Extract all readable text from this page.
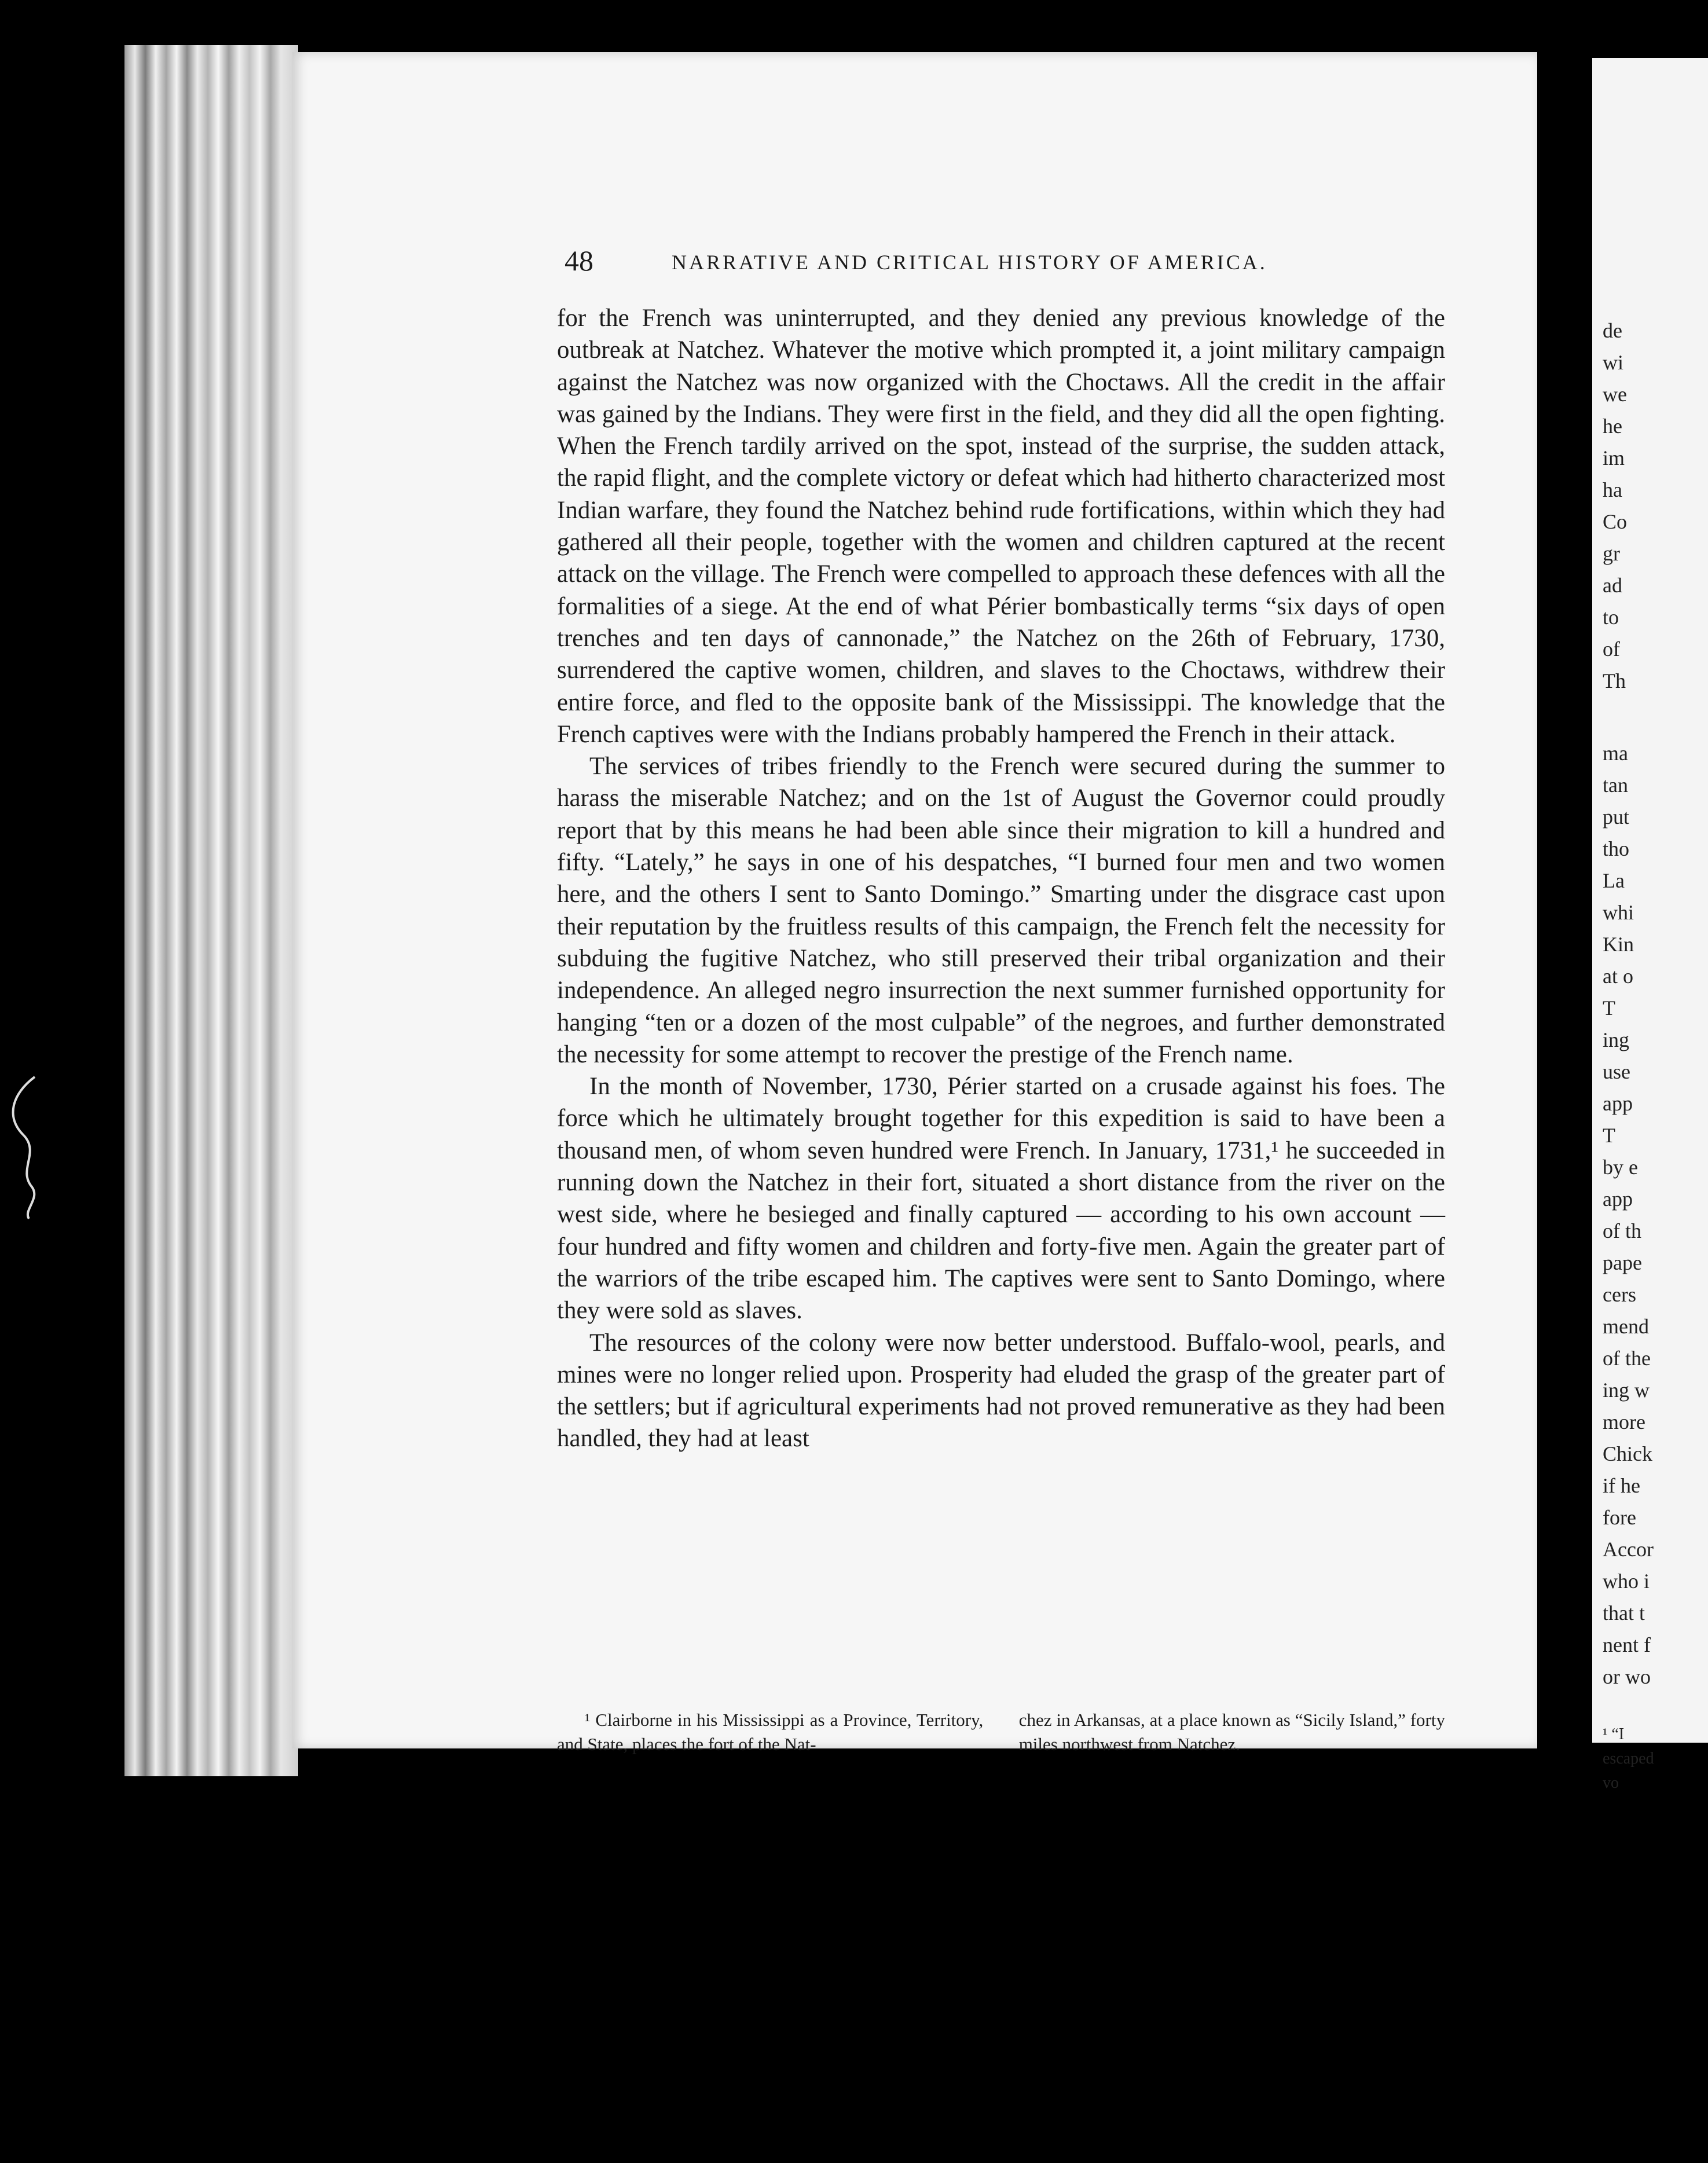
de
wi
we
he
im
ha
Co
gr
ad
to
of
Th
ma
tan
put
tho
La
whi
Kin
at o
T
ing
use
app
T
by e
app
of th
pape
cers
mend
of the
ing w
more
Chick
if he
fore
Accor
who i
that t
nent f
or wo
¹ “I
escaped
vo
48	NARRATIVE AND CRITICAL HISTORY OF AMERICA.

for the French was uninterrupted, and they denied any previous knowledge of the outbreak at Natchez. Whatever the motive which prompted it, a joint military campaign against the Natchez was now organized with the Choctaws. All the credit in the affair was gained by the Indians. They were first in the field, and they did all the open fighting. When the French tardily arrived on the spot, instead of the surprise, the sudden attack, the rapid flight, and the complete victory or defeat which had hitherto characterized most Indian warfare, they found the Natchez behind rude fortifications, within which they had gathered all their people, together with the women and children captured at the recent attack on the village. The French were compelled to approach these defences with all the formalities of a siege. At the end of what Périer bombastically terms “six days of open trenches and ten days of cannonade,” the Natchez on the 26th of February, 1730, surrendered the captive women, children, and slaves to the Choctaws, withdrew their entire force, and fled to the opposite bank of the Mississippi. The knowledge that the French captives were with the Indians probably hampered the French in their attack.

The services of tribes friendly to the French were secured during the summer to harass the miserable Natchez; and on the 1st of August the Governor could proudly report that by this means he had been able since their migration to kill a hundred and fifty. “Lately,” he says in one of his despatches, “I burned four men and two women here, and the others I sent to Santo Domingo.” Smarting under the disgrace cast upon their reputation by the fruitless results of this campaign, the French felt the necessity for subduing the fugitive Natchez, who still preserved their tribal organization and their independence. An alleged negro insurrection the next summer furnished opportunity for hanging “ten or a dozen of the most culpable” of the negroes, and further demonstrated the necessity for some attempt to recover the prestige of the French name.

In the month of November, 1730, Périer started on a crusade against his foes. The force which he ultimately brought together for this expedition is said to have been a thousand men, of whom seven hundred were French. In January, 1731,¹ he succeeded in running down the Natchez in their fort, situated a short distance from the river on the west side, where he besieged and finally captured — according to his own account — four hundred and fifty women and children and forty-five men. Again the greater part of the warriors of the tribe escaped him. The captives were sent to Santo Domingo, where they were sold as slaves.

The resources of the colony were now better understood. Buffalo-wool, pearls, and mines were no longer relied upon. Prosperity had eluded the grasp of the greater part of the settlers; but if agricultural experiments had not proved remunerative as they had been handled, they had at least

¹ Clairborne in his Mississippi as a Province, Territory, and State, places the fort of the Nat-
chez in Arkansas, at a place known as “Sicily Island,” forty miles northwest from Natchez.
